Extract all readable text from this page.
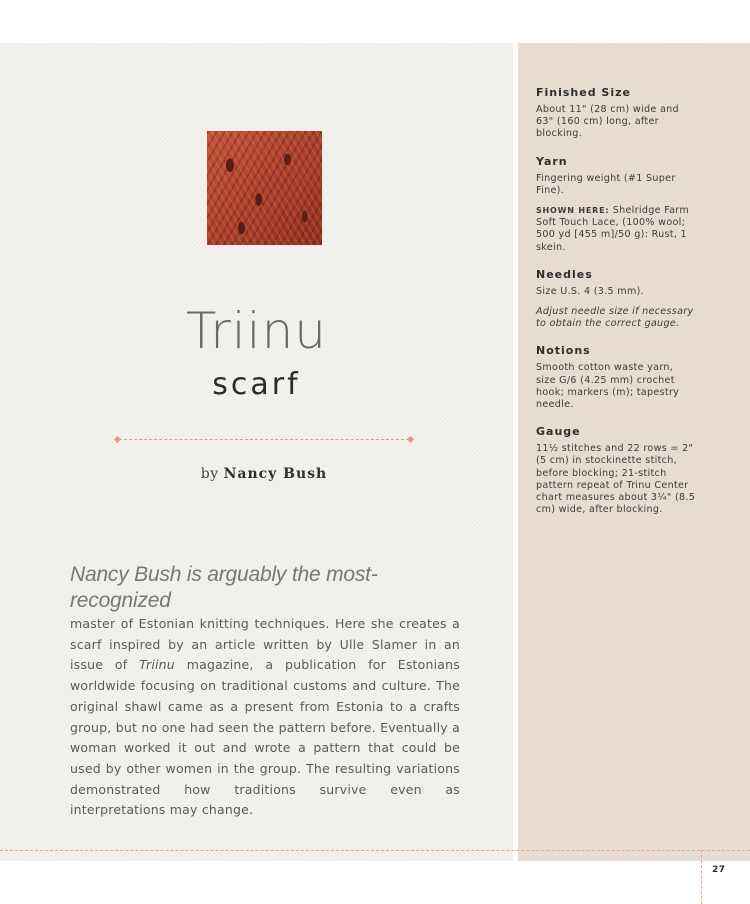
Triinu
scarf
by Nancy Bush
Nancy Bush is arguably the most-recognized
master of Estonian knitting techniques. Here she creates a scarf inspired by an article written by Ulle Slamer in an issue of Triinu magazine, a publication for Estonians worldwide focusing on traditional customs and culture. The original shawl came as a present from Estonia to a crafts group, but no one had seen the pattern before. Eventually a woman worked it out and wrote a pattern that could be used by other women in the group. The resulting variations demonstrated how traditions survive even as interpretations may change.
Finished Size
About 11" (28 cm) wide and 63" (160 cm) long, after blocking.
Yarn
Fingering weight (#1 Super Fine).
SHOWN HERE: Shelridge Farm Soft Touch Lace, (100% wool; 500 yd [455 m]/50 g): Rust, 1 skein.
Needles
Size U.S. 4 (3.5 mm).
Adjust needle size if necessary to obtain the correct gauge.
Notions
Smooth cotton waste yarn, size G/6 (4.25 mm) crochet hook; markers (m); tapestry needle.
Gauge
11½ stitches and 22 rows = 2" (5 cm) in stockinette stitch, before blocking; 21-stitch pattern repeat of Trinu Center chart measures about 3¼" (8.5 cm) wide, after blocking.
27
